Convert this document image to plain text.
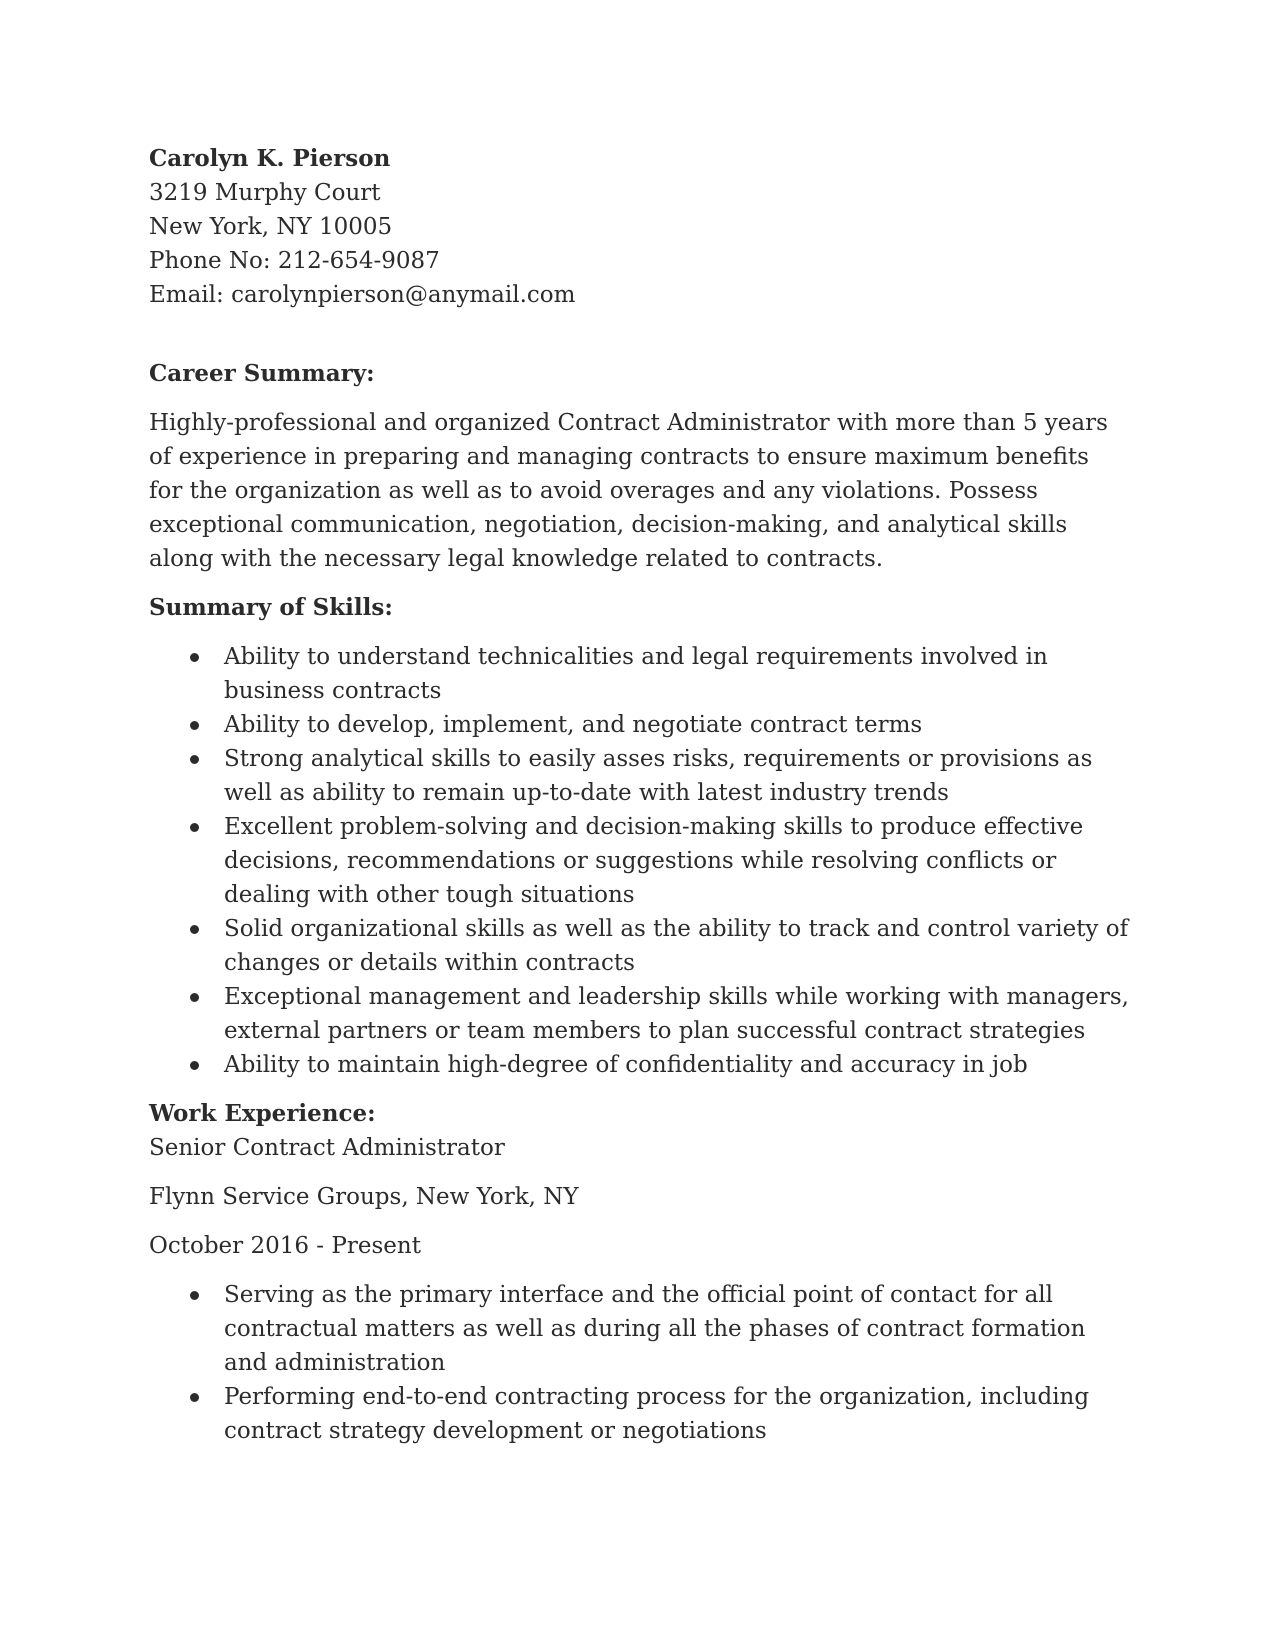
Carolyn K. Pierson
3219 Murphy Court
New York, NY 10005
Phone No: 212-654-9087
Email: carolynpierson@anymail.com
Career Summary:

Highly-professional and organized Contract Administrator with more than 5 years of experience in preparing and managing contracts to ensure maximum benefits for the organization as well as to avoid overages and any violations. Possess exceptional communication, negotiation, decision-making, and analytical skills along with the necessary legal knowledge related to contracts.

Summary of Skills:
Ability to understand technicalities and legal requirements involved in business contracts
Ability to develop, implement, and negotiate contract terms
Strong analytical skills to easily asses risks, requirements or provisions as well as ability to remain up-to-date with latest industry trends
Excellent problem-solving and decision-making skills to produce effective decisions, recommendations or suggestions while resolving conflicts or dealing with other tough situations
Solid organizational skills as well as the ability to track and control variety of changes or details within contracts
Exceptional management and leadership skills while working with managers, external partners or team members to plan successful contract strategies
Ability to maintain high-degree of confidentiality and accuracy in job
Work Experience:
Senior Contract Administrator
Flynn Service Groups, New York, NY
October 2016 - Present
Serving as the primary interface and the official point of contact for all contractual matters as well as during all the phases of contract formation and administration
Performing end-to-end contracting process for the organization, including contract strategy development or negotiations
